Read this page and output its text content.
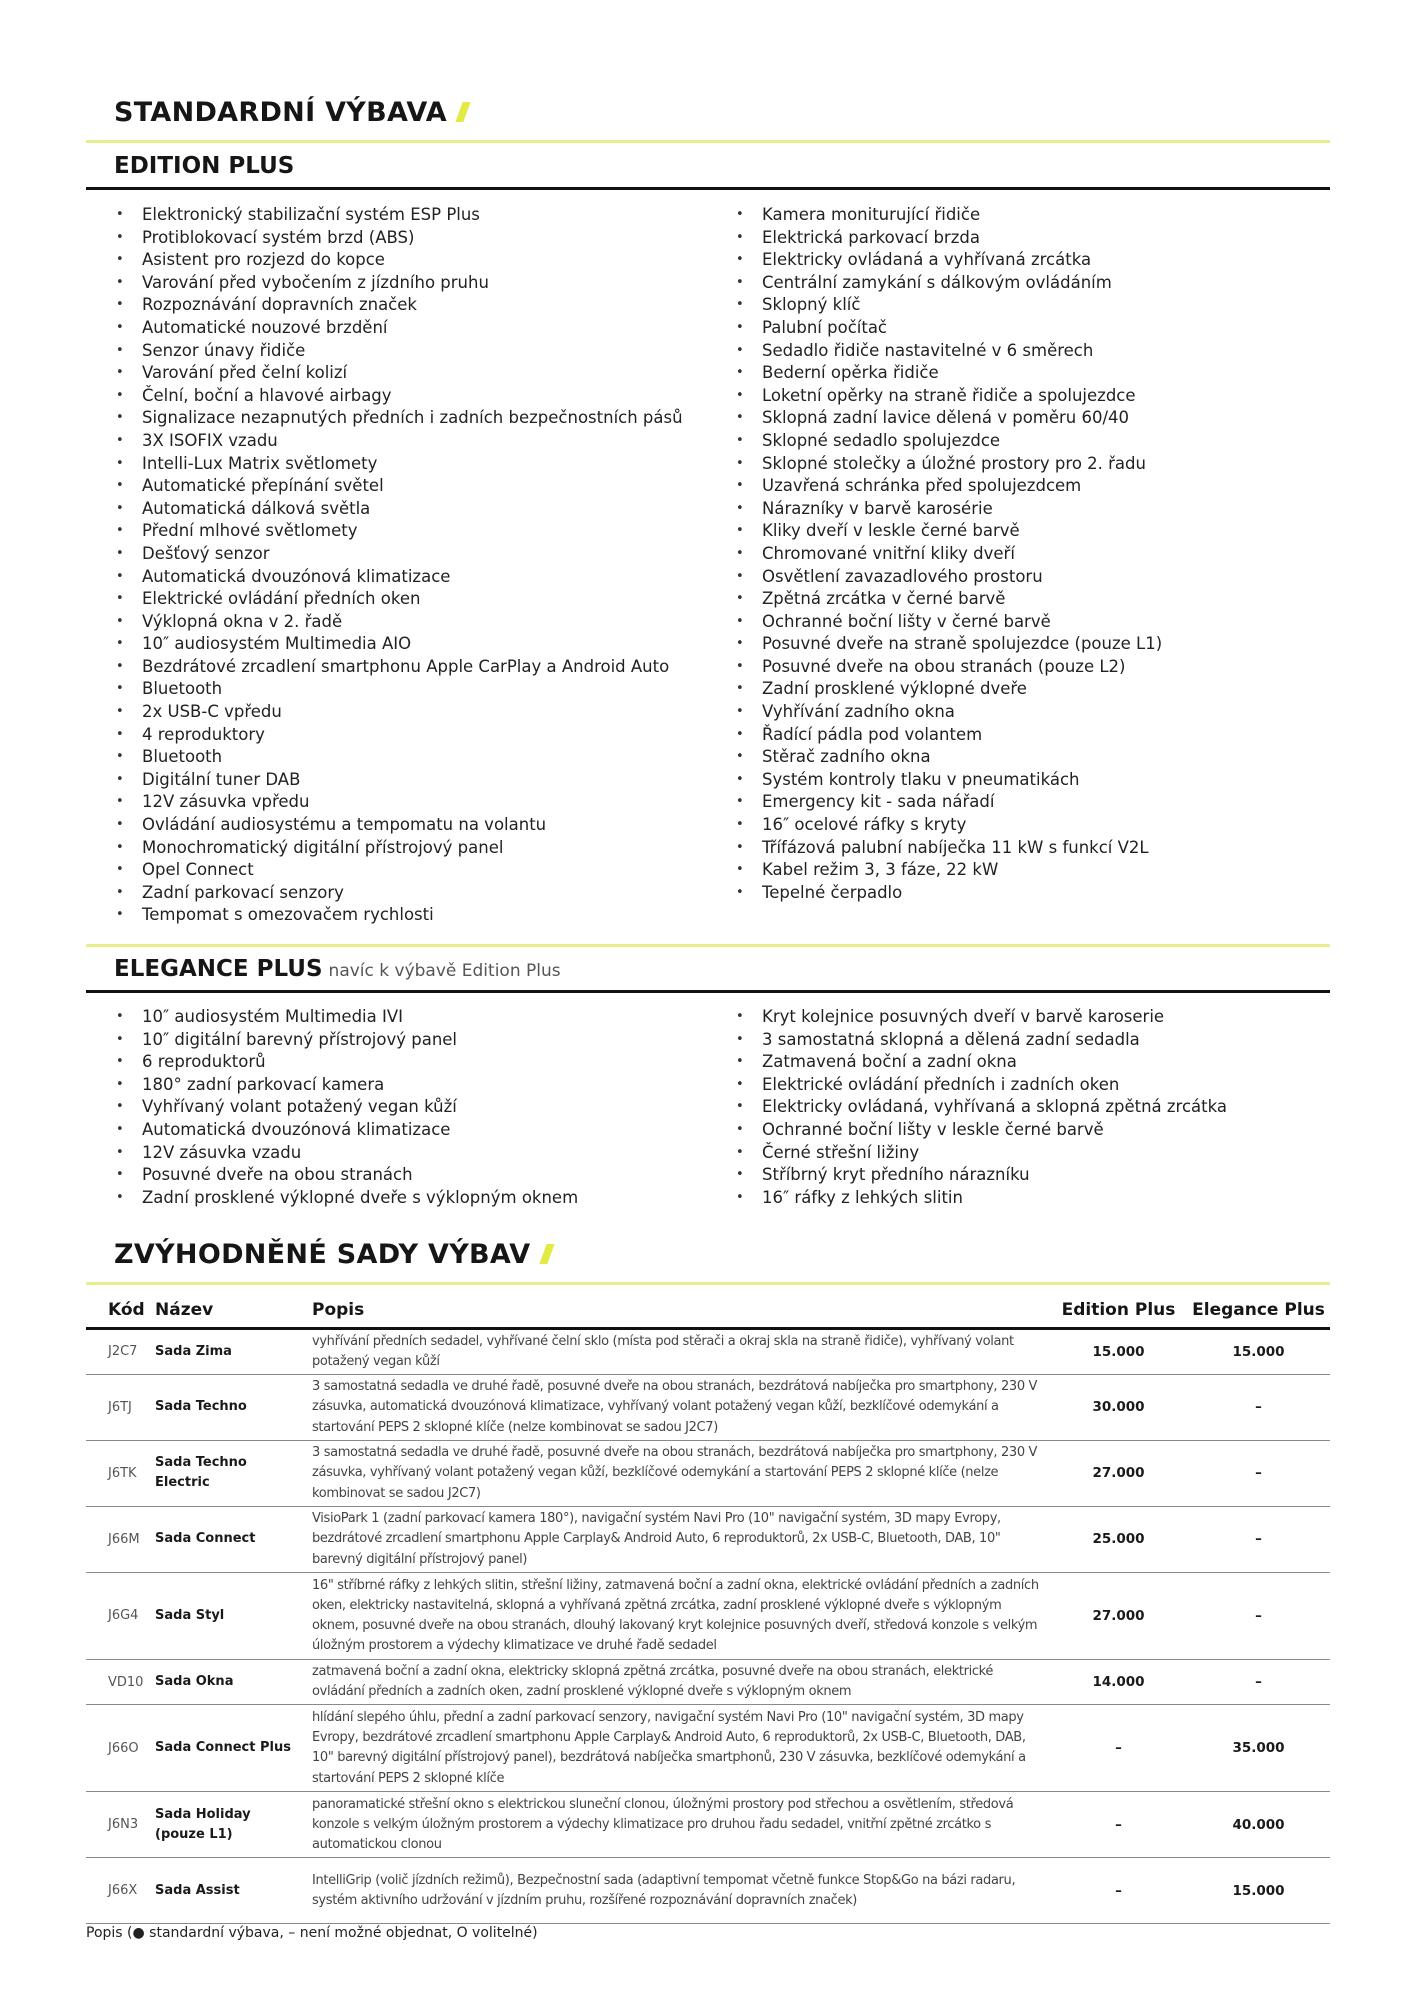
STANDARDNÍ VÝBAVA
EDITION PLUS
• Elektronický stabilizační systém ESP Plus
• Protiblokovací systém brzd (ABS)
• Asistent pro rozjezd do kopce
• Varování před vybočením z jízdního pruhu
• Rozpoznávání dopravních značek
• Automatické nouzové brzdění
• Senzor únavy řidiče
• Varování před čelní kolizí
• Čelní, boční a hlavové airbagy
• Signalizace nezapnutých předních i zadních bezpečnostních pásů
• 3X ISOFIX vzadu
• Intelli-Lux Matrix světlomety
• Automatické přepínání světel
• Automatická dálková světla
• Přední mlhové světlomety
• Dešťový senzor
• Automatická dvouzónová klimatizace
• Elektrické ovládání předních oken
• Výklopná okna v 2. řadě
• 10″ audiosystém Multimedia AIO
• Bezdrátové zrcadlení smartphonu Apple CarPlay a Android Auto
• Bluetooth
• 2x USB-C vpředu
• 4 reproduktory
• Bluetooth
• Digitální tuner DAB
• 12V zásuvka vpředu
• Ovládání audiosystému a tempomatu na volantu
• Monochromatický digitální přístrojový panel
• Opel Connect
• Zadní parkovací senzory
• Tempomat s omezovačem rychlosti
• Kamera moniturující řidiče
• Elektrická parkovací brzda
• Elektricky ovládaná a vyhřívaná zrcátka
• Centrální zamykání s dálkovým ovládáním
• Sklopný klíč
• Palubní počítač
• Sedadlo řidiče nastavitelné v 6 směrech
• Bederní opěrka řidiče
• Loketní opěrky na straně řidiče a spolujezdce
• Sklopná zadní lavice dělená v poměru 60/40
• Sklopné sedadlo spolujezdce
• Sklopné stolečky a úložné prostory pro 2. řadu
• Uzavřená schránka před spolujezdcem
• Nárazníky v barvě karosérie
• Kliky dveří v leskle černé barvě
• Chromované vnitřní kliky dveří
• Osvětlení zavazadlového prostoru
• Zpětná zrcátka v černé barvě
• Ochranné boční lišty v černé barvě
• Posuvné dveře na straně spolujezdce (pouze L1)
• Posuvné dveře na obou stranách (pouze L2)
• Zadní prosklené výklopné dveře
• Vyhřívání zadního okna
• Řadící pádla pod volantem
• Stěrač zadního okna
• Systém kontroly tlaku v pneumatikách
• Emergency kit - sada nářadí
• 16″ ocelové ráfky s kryty
• Třífázová palubní nabíječka 11 kW s funkcí V2L
• Kabel režim 3, 3 fáze, 22 kW
• Tepelné čerpadlo
ELEGANCE PLUS navíc k výbavě Edition Plus
• 10″ audiosystém Multimedia IVI
• 10″ digitální barevný přístrojový panel
• 6 reproduktorů
• 180° zadní parkovací kamera
• Vyhřívaný volant potažený vegan kůží
• Automatická dvouzónová klimatizace
• 12V zásuvka vzadu
• Posuvné dveře na obou stranách
• Zadní prosklené výklopné dveře s výklopným oknem
• Kryt kolejnice posuvných dveří v barvě karoserie
• 3 samostatná sklopná a dělená zadní sedadla
• Zatmavená boční a zadní okna
• Elektrické ovládání předních i zadních oken
• Elektricky ovládaná, vyhřívaná a sklopná zpětná zrcátka
• Ochranné boční lišty v leskle černé barvě
• Černé střešní ližiny
• Stříbrný kryt předního nárazníku
• 16″ ráfky z lehkých slitin
ZVÝHODNĚNÉ SADY VÝBAV
Kód	Název	Popis	Edition Plus	Elegance Plus
J2C7	Sada Zima	vyhřívání předních sedadel, vyhřívané čelní sklo (místa pod stěrači a okraj skla na straně řidiče), vyhřívaný volant potažený vegan kůží	15.000	15.000
J6TJ	Sada Techno	3 samostatná sedadla ve druhé řadě, posuvné dveře na obou stranách, bezdrátová nabíječka pro smartphony, 230 V zásuvka, automatická dvouzónová klimatizace, vyhřívaný volant potažený vegan kůží, bezklíčové odemykání a startování PEPS 2 sklopné klíče (nelze kombinovat se sadou J2C7)	30.000	–
J6TK	Sada Techno Electric	3 samostatná sedadla ve druhé řadě, posuvné dveře na obou stranách, bezdrátová nabíječka pro smartphony, 230 V zásuvka, vyhřívaný volant potažený vegan kůží, bezklíčové odemykání a startování PEPS 2 sklopné klíče (nelze kombinovat se sadou J2C7)	27.000	–
J66M	Sada Connect	VisioPark 1 (zadní parkovací kamera 180°), navigační systém Navi Pro (10" navigační systém, 3D mapy Evropy, bezdrátové zrcadlení smartphonu Apple Carplay& Android Auto, 6 reproduktorů, 2x USB-C, Bluetooth, DAB, 10" barevný digitální přístrojový panel)	25.000	–
J6G4	Sada Styl	16" stříbrné ráfky z lehkých slitin, střešní ližiny, zatmavená boční a zadní okna, elektrické ovládání předních a zadních oken, elektricky nastavitelná, sklopná a vyhřívaná zpětná zrcátka, zadní prosklené výklopné dveře s výklopným oknem, posuvné dveře na obou stranách, dlouhý lakovaný kryt kolejnice posuvných dveří, středová konzole s velkým úložným prostorem a výdechy klimatizace ve druhé řadě sedadel	27.000	–
VD10	Sada Okna	zatmavená boční a zadní okna, elektricky sklopná zpětná zrcátka, posuvné dveře na obou stranách, elektrické ovládání předních a zadních oken, zadní prosklené výklopné dveře s výklopným oknem	14.000	–
J66O	Sada Connect Plus	hlídání slepého úhlu, přední a zadní parkovací senzory, navigační systém Navi Pro (10" navigační systém, 3D mapy Evropy, bezdrátové zrcadlení smartphonu Apple Carplay& Android Auto, 6 reproduktorů, 2x USB-C, Bluetooth, DAB, 10" barevný digitální přístrojový panel), bezdrátová nabíječka smartphonů, 230 V zásuvka, bezklíčové odemykání a startování PEPS 2 sklopné klíče	–	35.000
J6N3	Sada Holiday (pouze L1)	panoramatické střešní okno s elektrickou sluneční clonou, úložnými prostory pod střechou a osvětlením, středová konzole s velkým úložným prostorem a výdechy klimatizace pro druhou řadu sedadel, vnitřní zpětné zrcátko s automatickou clonou	–	40.000
J66X	Sada Assist	IntelliGrip (volič jízdních režimů), Bezpečnostní sada (adaptivní tempomat včetně funkce Stop&Go na bázi radaru, systém aktivního udržování v jízdním pruhu, rozšířené rozpoznávání dopravních značek)	–	15.000
Popis (● standardní výbava, – není možné objednat, O volitelné)
